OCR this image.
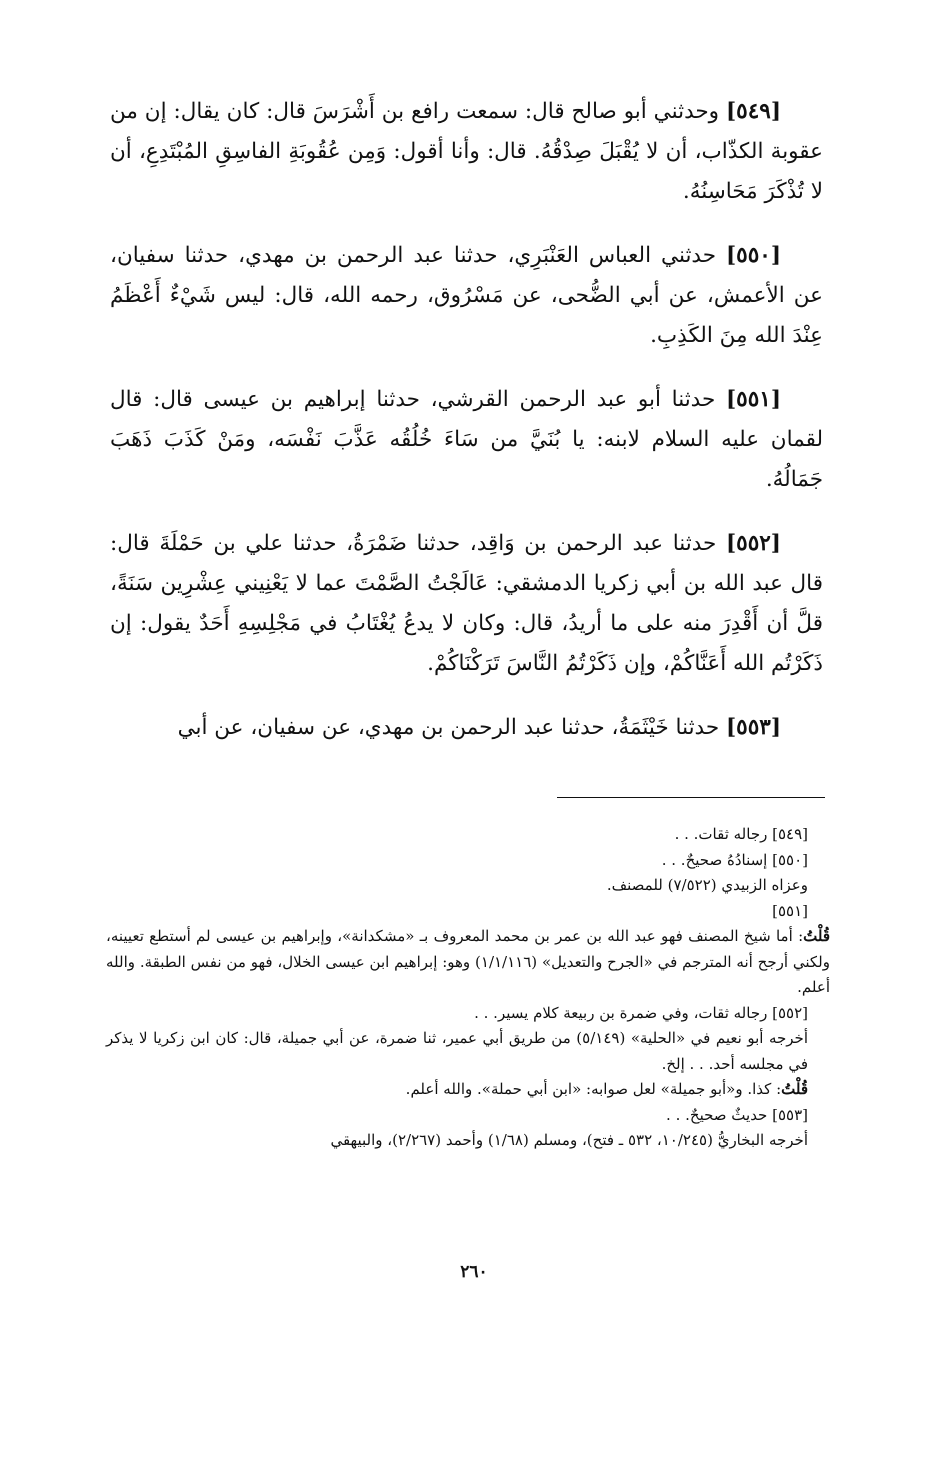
[٥٤٩] وحدثني أبو صالح قال: سمعت رافع بن أَشْرَسَ قال: كان يقال: إن من عقوبة الكذّاب، أن لا يُقْبَلَ صِدْقُهُ. قال: وأنا أقول: وَمِن عُقُوبَةِ الفاسِقِ المُبْتَدِعِ، أن لا تُذْكَرَ مَحَاسِنُهُ.

[٥٥٠] حدثني العباس العَنْبَرِي، حدثنا عبد الرحمن بن مهدي، حدثنا سفيان، عن الأعمش، عن أبي الضُّحى، عن مَسْرُوق، رحمه الله، قال: ليس شَيْءٌ أَعْظَمُ عِنْدَ الله مِنَ الكَذِبِ.

[٥٥١] حدثنا أبو عبد الرحمن القرشي، حدثنا إبراهيم بن عيسى قال: قال لقمان عليه السلام لابنه: يا بُنَيَّ من سَاءَ خُلُقُه عَذَّبَ نَفْسَه، ومَنْ كَذَبَ ذَهَبَ جَمَالُهُ.

[٥٥٢] حدثنا عبد الرحمن بن وَاقِد، حدثنا ضَمْرَةُ، حدثنا علي بن حَمْلَةَ قال: قال عبد الله بن أبي زكريا الدمشقي: عَالَجْتُ الصَّمْتَ عما لا يَعْنِيني عِشْرِين سَنَةً، قلَّ أن أَقْدِرَ منه على ما أريدُ، قال: وكان لا يدعُ يُغْتَابُ في مَجْلِسِهِ أَحَدٌ يقول: إن ذَكَرْتُم الله أَعَنَّاكُمْ، وإن ذَكَرْتُمُ النَّاسَ تَرَكْنَاكُمْ.

[٥٥٣] حدثنا خَيْثَمَةُ، حدثنا عبد الرحمن بن مهدي، عن سفيان، عن أبي

[٥٤٩] رجاله ثقات. . .

[٥٥٠] إسنادُهُ صحيحٌ. . .

وعزاه الزبيدي (٧/٥٢٢) للمصنف.

[٥٥١]

قُلْتُ: أما شيخ المصنف فهو عبد الله بن عمر بن محمد المعروف بـ «مشكدانة»، وإبراهيم بن عيسى لم أستطع تعيينه، ولكني أرجح أنه المترجم في «الجرح والتعديل» (١/١/١١٦) وهو: إبراهيم ابن عيسى الخلال، فهو من نفس الطبقة. والله أعلم.

[٥٥٢] رجاله ثقات، وفي ضمرة بن ربيعة كلام يسير. . .

أخرجه أبو نعيم في «الحلية» (٥/١٤٩) من طريق أبي عمير، ثنا ضمرة، عن أبي جميلة، قال: كان ابن زكريا لا يذكر في مجلسه أحد. . . إلخ.

قُلْتُ: كذا. و«أبو جميلة» لعل صوابه: «ابن أبي حملة». والله أعلم.

[٥٥٣] حديثٌ صحيحٌ. . .

أخرجه البخاريُّ (١٠/٢٤٥، ٥٣٢ ـ فتح)، ومسلم (١/٦٨) وأحمد (٢/٢٦٧)، والبيهقي

٢٦٠
